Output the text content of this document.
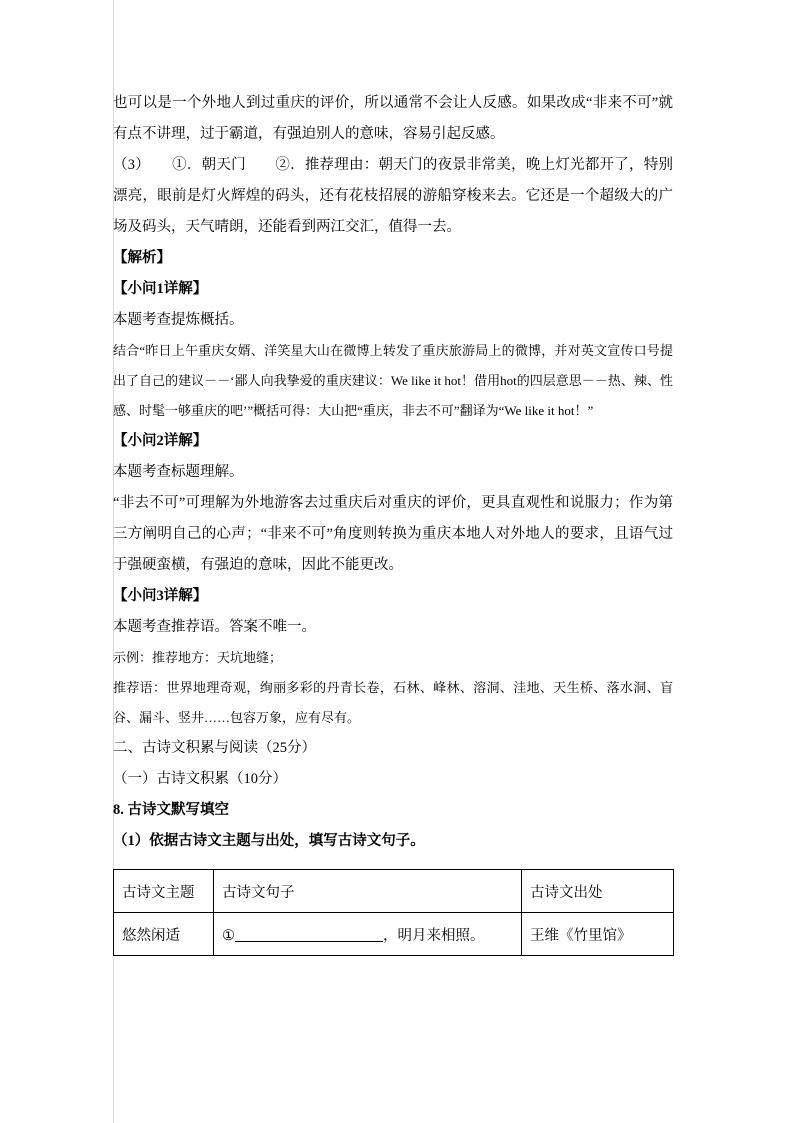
也可以是一个外地人到过重庆的评价，所以通常不会让人反感。如果改成“非来不可”就有点不讲理，过于霸道，有强迫别人的意味，容易引起反感。

（3）　　①．朝天门　　②．推荐理由：朝天门的夜景非常美，晚上灯光都开了，特别漂亮，眼前是灯火辉煌的码头，还有花枝招展的游船穿梭来去。它还是一个超级大的广场及码头，天气晴朗，还能看到两江交汇，值得一去。

【解析】

【小问1详解】

本题考查提炼概括。

结合“昨日上午重庆女婿、洋笑星大山在微博上转发了重庆旅游局上的微博，并对英文宣传口号提出了自己的建议－－‘鄙人向我挚爱的重庆建议：We like it hot！借用hot的四层意思－－热、辣、性感、时髦一够重庆的吧’”概括可得：大山把“重庆，非去不可”翻译为“We like it hot！”

【小问2详解】

本题考查标题理解。

“非去不可”可理解为外地游客去过重庆后对重庆的评价，更具直观性和说服力；作为第三方阐明自己的心声；“非来不可”角度则转换为重庆本地人对外地人的要求，且语气过于强硬蛮横，有强迫的意味，因此不能更改。

【小问3详解】

本题考查推荐语。答案不唯一。

示例：推荐地方：天坑地缝；

推荐语：世界地理奇观，绚丽多彩的丹青长卷，石林、峰林、溶洞、洼地、天生桥、落水洞、盲谷、漏斗、竖井……包容万象，应有尽有。

二、古诗文积累与阅读（25分）

（一）古诗文积累（10分）

8. 古诗文默写填空

（1）依据古诗文主题与出处，填写古诗文句子。

古诗文主题	古诗文句子	古诗文出处
悠然闲适	① ，明月来相照。	王维《竹里馆》
